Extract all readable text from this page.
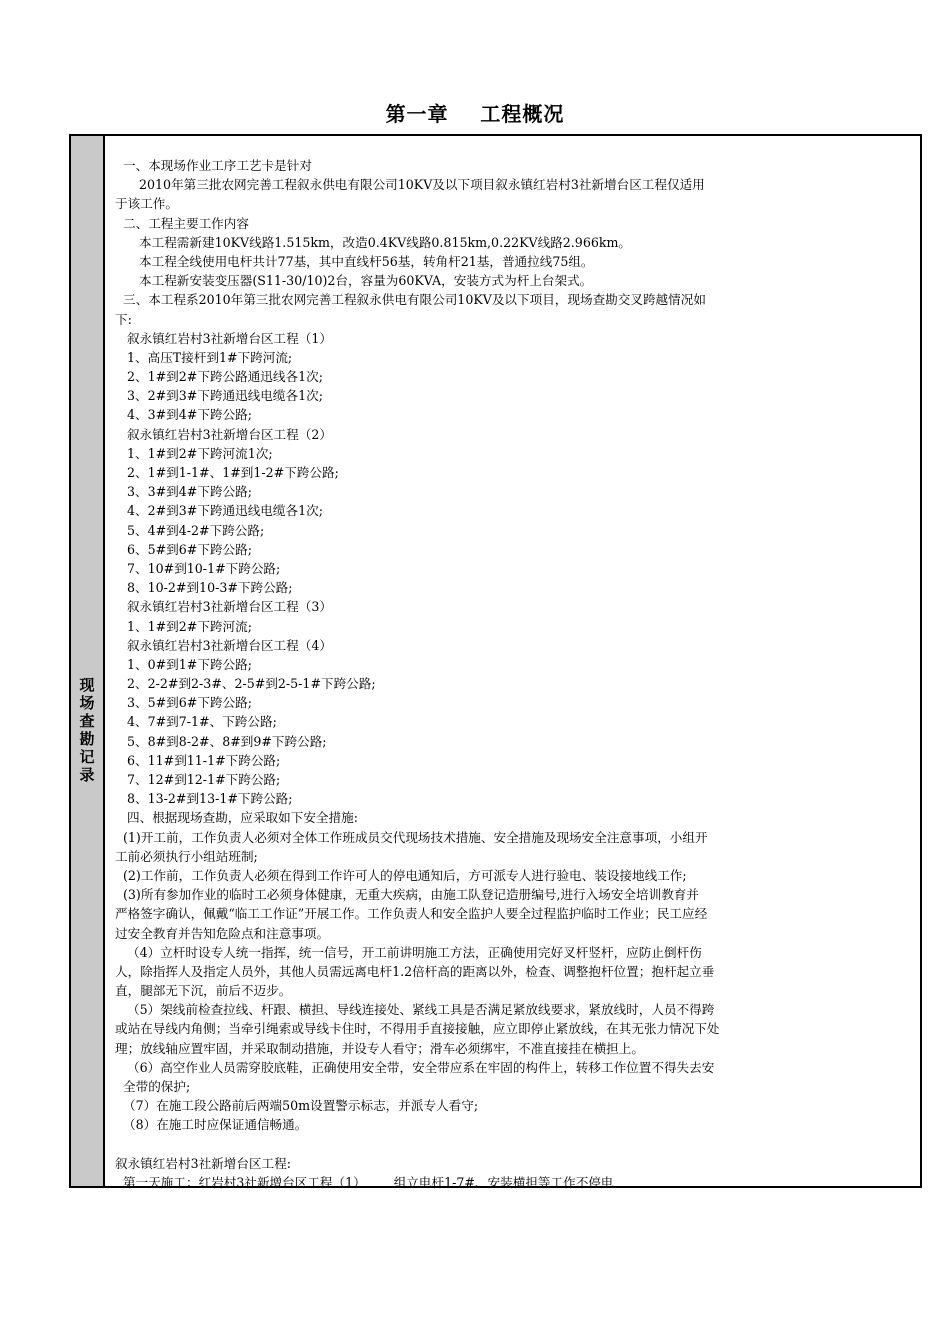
第一章    工程概况
现场查勘记录
一、本现场作业工序工艺卡是针对
2010年第三批农网完善工程叙永供电有限公司10KV及以下项目叙永镇红岩村3社新增台区工程仅适用
于该工作。
二、工程主要工作内容
本工程需新建10KV线路1.515km，改造0.4KV线路0.815km,0.22KV线路2.966km。
本工程全线使用电杆共计77基，其中直线杆56基，转角杆21基，普通拉线75组。
本工程新安装变压器(S11-30/10)2台，容量为60KVA，安装方式为杆上台架式。
三、本工程系2010年第三批农网完善工程叙永供电有限公司10KV及以下项目，现场查勘交叉跨越情况如
下:
叙永镇红岩村3社新增台区工程（1）
1、高压T接杆到1#下跨河流;
2、1#到2#下跨公路通迅线各1次;
3、2#到3#下跨通迅线电缆各1次;
4、3#到4#下跨公路;
叙永镇红岩村3社新增台区工程（2）
1、1#到2#下跨河流1次;
2、1#到1-1#、1#到1-2#下跨公路;
3、3#到4#下跨公路;
4、2#到3#下跨通迅线电缆各1次;
5、4#到4-2#下跨公路;
6、5#到6#下跨公路;
7、10#到10-1#下跨公路;
8、10-2#到10-3#下跨公路;
叙永镇红岩村3社新增台区工程（3）
1、1#到2#下跨河流;
叙永镇红岩村3社新增台区工程（4）
1、0#到1#下跨公路;
2、2-2#到2-3#、2-5#到2-5-1#下跨公路;
3、5#到6#下跨公路;
4、7#到7-1#、下跨公路;
5、8#到8-2#、8#到9#下跨公路;
6、11#到11-1#下跨公路;
7、12#到12-1#下跨公路;
8、13-2#到13-1#下跨公路;
四、根据现场查勘，应采取如下安全措施:
(1)开工前，工作负责人必须对全体工作班成员交代现场技术措施、安全措施及现场安全注意事项，小组开
工前必须执行小组站班制;
(2)工作前，工作负责人必须在得到工作许可人的停电通知后，方可派专人进行验电、装设接地线工作;
(3)所有参加作业的临时工必须身体健康，无重大疾病，由施工队登记造册编号,进行入场安全培训教育并
严格签字确认，佩戴“临工工作证”开展工作。工作负责人和安全监护人要全过程监护临时工作业；民工应经
过安全教育并告知危险点和注意事项。
（4）立杆时设专人统一指挥，统一信号，开工前讲明施工方法，正确使用完好叉杆竖杆，应防止倒杆伤
人，除指挥人及指定人员外，其他人员需远离电杆1.2倍杆高的距离以外，检查、调整抱杆位置；抱杆起立垂
直，腿部无下沉，前后不迈步。
（5）架线前检查拉线、杆跟、横担、导线连接处、紧线工具是否满足紧放线要求，紧放线时，人员不得跨
或站在导线内角侧；当牵引绳索或导线卡住时，不得用手直接接触，应立即停止紧放线，在其无张力情况下处
理；放线轴应置牢固，并采取制动措施，并设专人看守；滑车必须绑牢，不准直接挂在横担上。
（6）高空作业人员需穿胶底鞋，正确使用安全带，安全带应系在牢固的构件上，转移工作位置不得失去安
全带的保护;
（7）在施工段公路前后两端50m设置警示标志，并派专人看守;
（8）在施工时应保证通信畅通。
叙永镇红岩村3社新增台区工程:
第一天施工：红岩村3社新增台区工程（1）       组立电杆1-7#、安装横担等工作不停电
